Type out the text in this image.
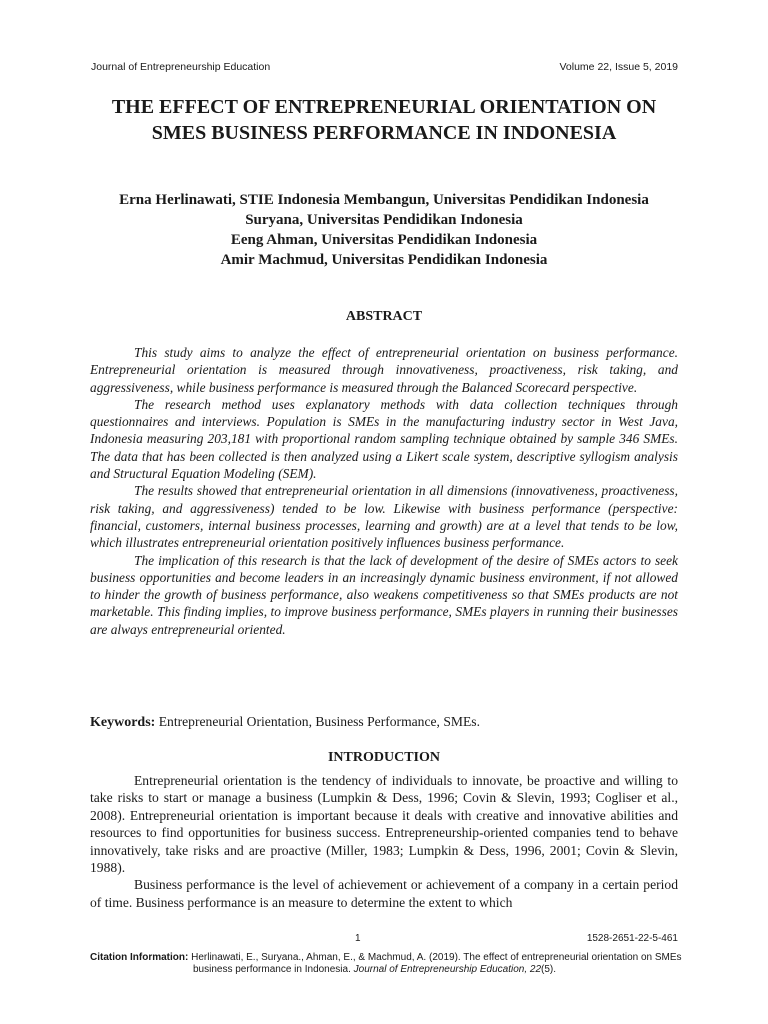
Journal of Entrepreneurship Education	Volume 22, Issue 5, 2019
THE EFFECT OF ENTREPRENEURIAL ORIENTATION ON SMES BUSINESS PERFORMANCE IN INDONESIA
Erna Herlinawati, STIE Indonesia Membangun, Universitas Pendidikan Indonesia
Suryana, Universitas Pendidikan Indonesia
Eeng Ahman, Universitas Pendidikan Indonesia
Amir Machmud, Universitas Pendidikan Indonesia
ABSTRACT

This study aims to analyze the effect of entrepreneurial orientation on business performance. Entrepreneurial orientation is measured through innovativeness, proactiveness, risk taking, and aggressiveness, while business performance is measured through the Balanced Scorecard perspective.

The research method uses explanatory methods with data collection techniques through questionnaires and interviews. Population is SMEs in the manufacturing industry sector in West Java, Indonesia measuring 203,181 with proportional random sampling technique obtained by sample 346 SMEs. The data that has been collected is then analyzed using a Likert scale system, descriptive syllogism analysis and Structural Equation Modeling (SEM).

The results showed that entrepreneurial orientation in all dimensions (innovativeness, proactiveness, risk taking, and aggressiveness) tended to be low. Likewise with business performance (perspective: financial, customers, internal business processes, learning and growth) are at a level that tends to be low, which illustrates entrepreneurial orientation positively influences business performance.

The implication of this research is that the lack of development of the desire of SMEs actors to seek business opportunities and become leaders in an increasingly dynamic business environment, if not allowed to hinder the growth of business performance, also weakens competitiveness so that SMEs products are not marketable. This finding implies, to improve business performance, SMEs players in running their businesses are always entrepreneurial oriented.

Keywords: Entrepreneurial Orientation, Business Performance, SMEs.
INTRODUCTION

Entrepreneurial orientation is the tendency of individuals to innovate, be proactive and willing to take risks to start or manage a business (Lumpkin & Dess, 1996; Covin & Slevin, 1993; Cogliser et al., 2008). Entrepreneurial orientation is important because it deals with creative and innovative abilities and resources to find opportunities for business success. Entrepreneurship-oriented companies tend to behave innovatively, take risks and are proactive (Miller, 1983; Lumpkin & Dess, 1996, 2001; Covin & Slevin, 1988).

Business performance is the level of achievement or achievement of a company in a certain period of time. Business performance is an measure to determine the extent to which

1	1528-2651-22-5-461
Citation Information: Herlinawati, E., Suryana., Ahman, E., & Machmud, A. (2019). The effect of entrepreneurial orientation on SMEs
business performance in Indonesia. Journal of Entrepreneurship Education, 22(5).
